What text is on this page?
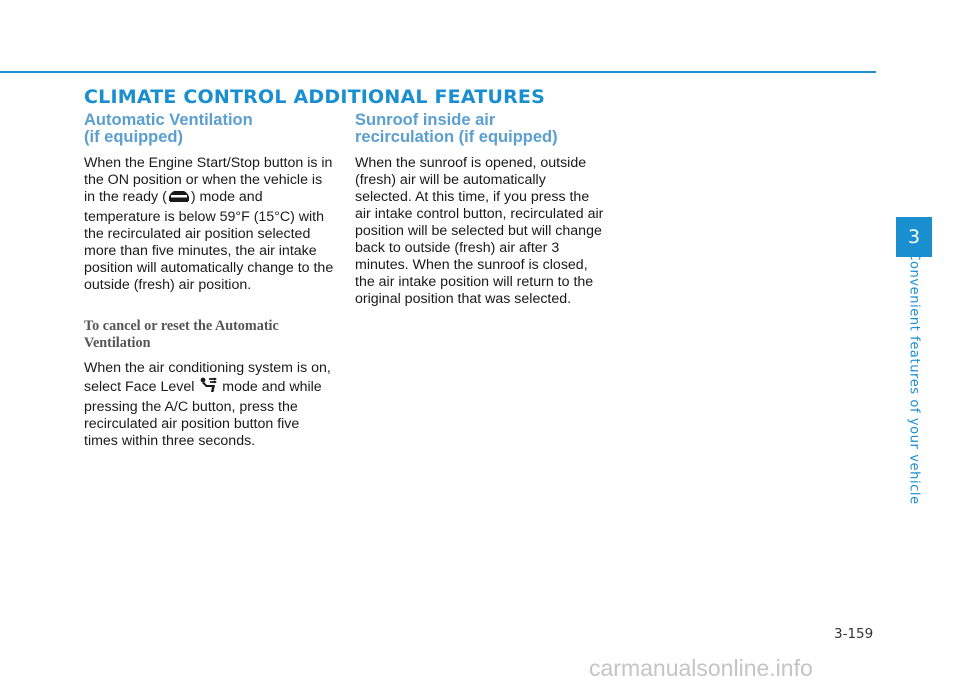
CLIMATE CONTROL ADDITIONAL FEATURES
Automatic Ventilation
(if equipped)

When the Engine Start/Stop button is in the ON position or when the vehicle is in the ready ( ) mode and temperature is below 59°F (15°C) with the recirculated air position selected more than five minutes, the air intake position will automatically change to the outside (fresh) air position.

To cancel or reset the Automatic
Ventilation

When the air conditioning system is on, select Face Level  mode and while pressing the A/C button, press the recirculated air position button five times within three seconds.

Sunroof inside air
recirculation (if equipped)

When the sunroof is opened, outside (fresh) air will be automatically selected. At this time, if you press the air intake control button, recirculated air position will be selected but will change back to outside (fresh) air after 3 minutes. When the sunroof is closed, the air intake position will return to the original position that was selected.

3
Convenient features of your vehicle
3-159
carmanualsonline.info
